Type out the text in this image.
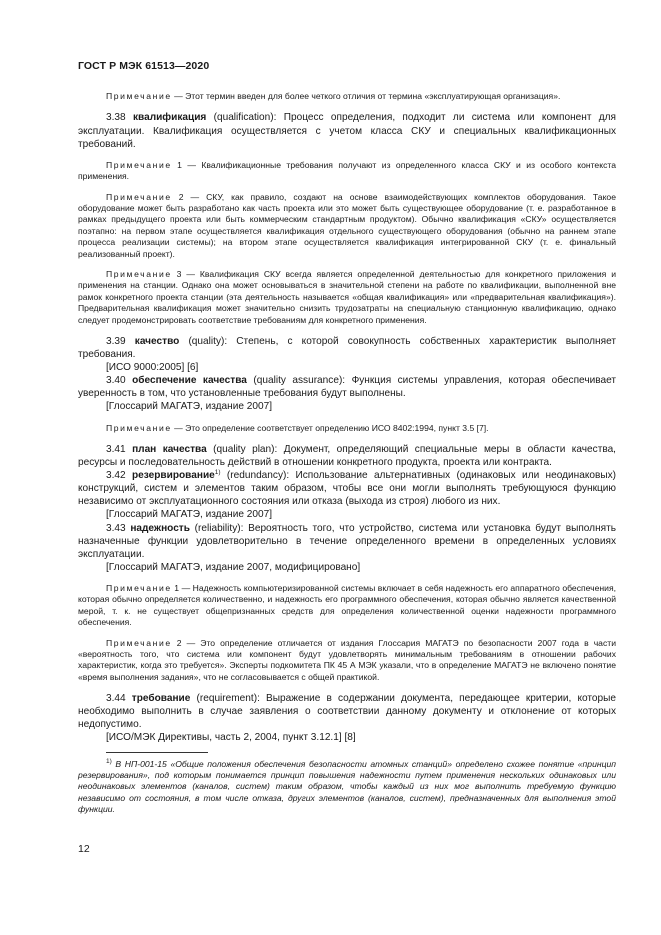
ГОСТ Р МЭК 61513—2020

Примечание — Этот термин введен для более четкого отличия от термина «эксплуатирующая организация».

3.38 квалификация (qualification): Процесс определения, подходит ли система или компонент для эксплуатации. Квалификация осуществляется с учетом класса СКУ и специальных квалификационных требований.

Примечание 1 — Квалификационные требования получают из определенного класса СКУ и из особого контекста применения.

Примечание 2 — СКУ, как правило, создают на основе взаимодействующих комплектов оборудования. Такое оборудование может быть разработано как часть проекта или это может быть существующее оборудование (т. е. разработанное в рамках предыдущего проекта или быть коммерческим стандартным продуктом). Обычно квалификация «СКУ» осуществляется поэтапно: на первом этапе осуществляется квалификация отдельного существующего оборудования (обычно на раннем этапе процесса реализации системы); на втором этапе осуществляется квалификация интегрированной СКУ (т. е. финальный реализованный проект).

Примечание 3 — Квалификация СКУ всегда является определенной деятельностью для конкретного приложения и применения на станции. Однако она может основываться в значительной степени на работе по квалификации, выполненной вне рамок конкретного проекта станции (эта деятельность называется «общая квалификация» или «предварительная квалификация»). Предварительная квалификация может значительно снизить трудозатраты на специальную станционную квалификацию, однако следует продемонстрировать соответствие требованиям для конкретного применения.

3.39 качество (quality): Степень, с которой совокупность собственных характеристик выполняет требования.

[ИСО 9000:2005] [6]

3.40 обеспечение качества (quality assurance): Функция системы управления, которая обеспечивает уверенность в том, что установленные требования будут выполнены.

[Глоссарий МАГАТЭ, издание 2007]

Примечание — Это определение соответствует определению ИСО 8402:1994, пункт 3.5 [7].

3.41 план качества (quality plan): Документ, определяющий специальные меры в области качества, ресурсы и последовательность действий в отношении конкретного продукта, проекта или контракта.

3.42 резервирование$^{1)}$ (redundancy): Использование альтернативных (одинаковых или неодинаковых) конструкций, систем и элементов таким образом, чтобы все они могли выполнять требующуюся функцию независимо от эксплуатационного состояния или отказа (выхода из строя) любого из них.

[Глоссарий МАГАТЭ, издание 2007]

3.43 надежность (reliability): Вероятность того, что устройство, система или установка будут выполнять назначенные функции удовлетворительно в течение определенного времени в определенных условиях эксплуатации.

[Глоссарий МАГАТЭ, издание 2007, модифицировано]

Примечание 1 — Надежность компьютеризированной системы включает в себя надежность его аппаратного обеспечения, которая обычно определяется количественно, и надежность его программного обеспечения, которая обычно является качественной мерой, т. к. не существует общепризнанных средств для определения количественной оценки надежности программного обеспечения.

Примечание 2 — Это определение отличается от издания Глоссария МАГАТЭ по безопасности 2007 года в части «вероятность того, что система или компонент будут удовлетворять минимальным требованиям в отношении рабочих характеристик, когда это требуется». Эксперты подкомитета ПК 45 А МЭК указали, что в определение МАГАТЭ не включено понятие «время выполнения задания», что не согласовывается с общей практикой.

3.44 требование (requirement): Выражение в содержании документа, передающее критерии, которые необходимо выполнить в случае заявления о соответствии данному документу и отклонение от которых недопустимо.

[ИСО/МЭК Директивы, часть 2, 2004, пункт 3.12.1] [8]

$^{1)}$ В НП-001-15 «Общие положения обеспечения безопасности атомных станций» определено схожее понятие «принцип резервирования», под которым понимается принцип повышения надежности путем применения нескольких одинаковых или неодинаковых элементов (каналов, систем) таким образом, чтобы каждый из них мог выполнить требуемую функцию независимо от состояния, в том числе отказа, других элементов (каналов, систем), предназначенных для выполнения этой функции.

12
